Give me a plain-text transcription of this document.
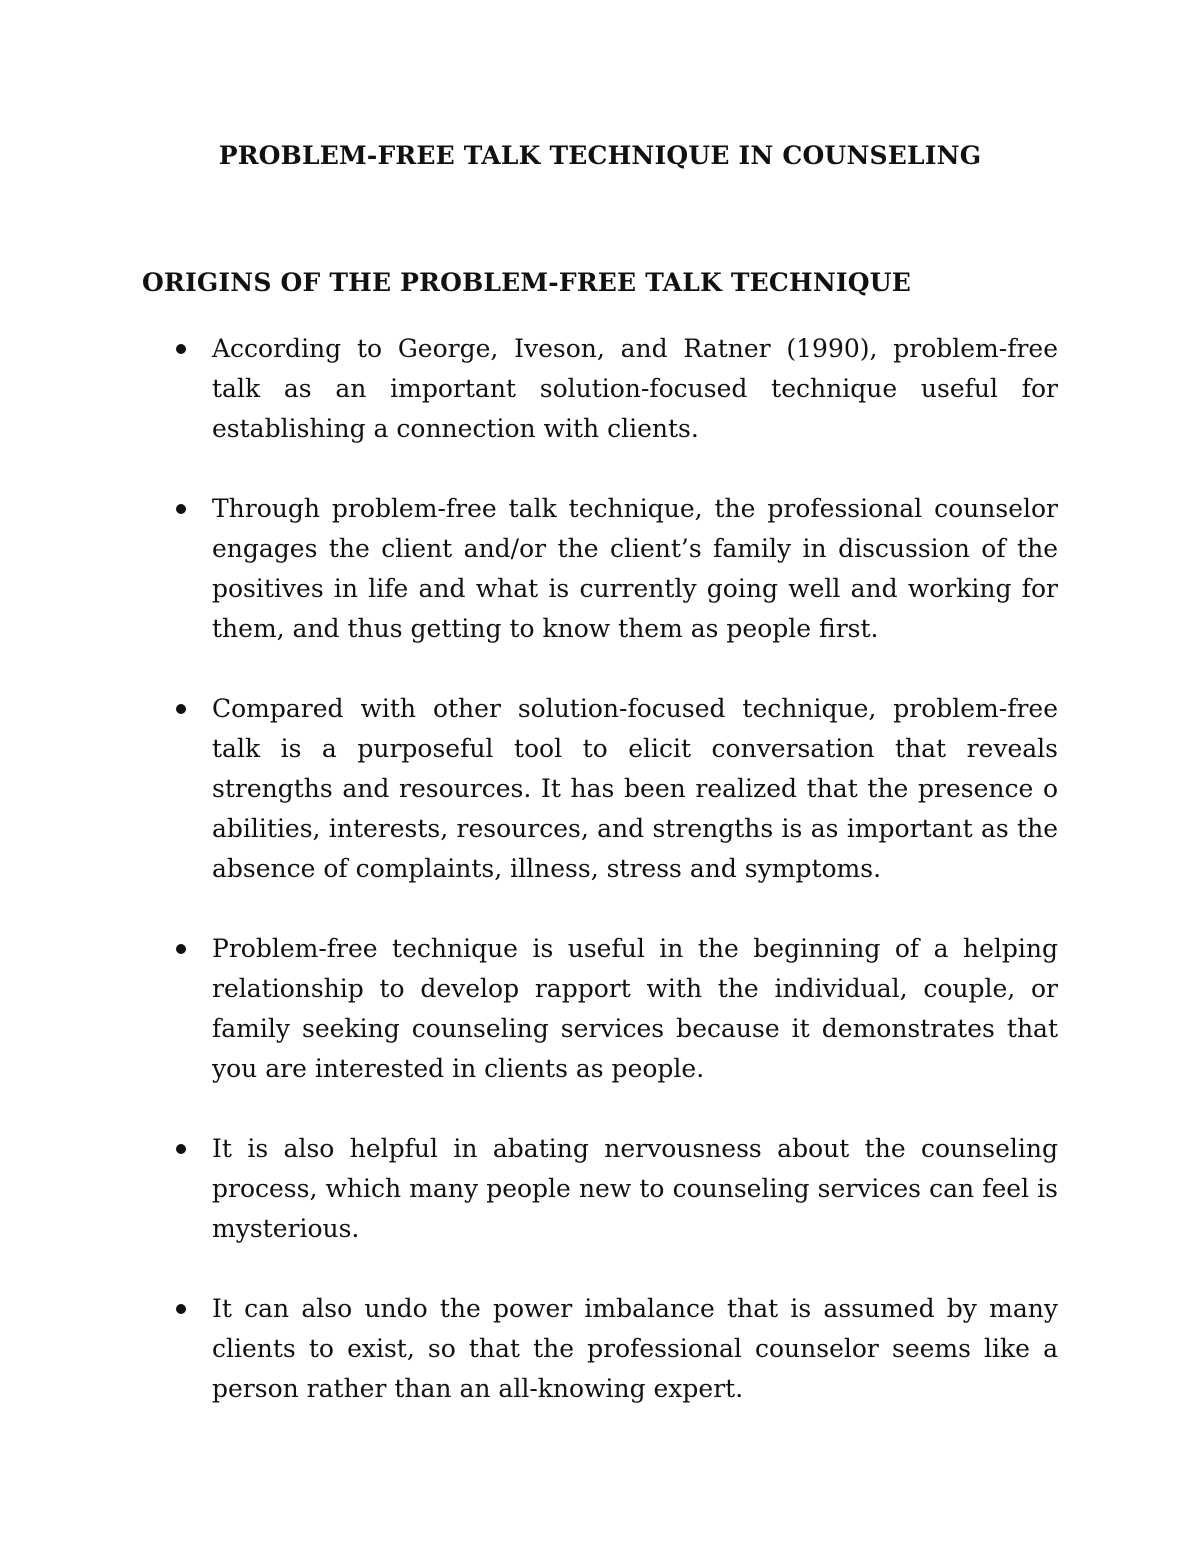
PROBLEM-FREE TALK TECHNIQUE IN COUNSELING
ORIGINS OF THE PROBLEM-FREE TALK TECHNIQUE
According to George, Iveson, and Ratner (1990), problem-free talk as an important solution-focused technique useful for establishing a connection with clients.
Through problem-free talk technique, the professional counselor engages the client and/or the client’s family in discussion of the positives in life and what is currently going well and working for them, and thus getting to know them as people first.
Compared with other solution-focused technique, problem-free talk is a purposeful tool to elicit conversation that reveals strengths and resources. It has been realized that the presence o abilities, interests, resources, and strengths is as important as the absence of complaints, illness, stress and symptoms.
Problem-free technique is useful in the beginning of a helping relationship to develop rapport with the individual, couple, or family seeking counseling services because it demonstrates that you are interested in clients as people.
It is also helpful in abating nervousness about the counseling process, which many people new to counseling services can feel is mysterious.
It can also undo the power imbalance that is assumed by many clients to exist, so that the professional counselor seems like a person rather than an all-knowing expert.
